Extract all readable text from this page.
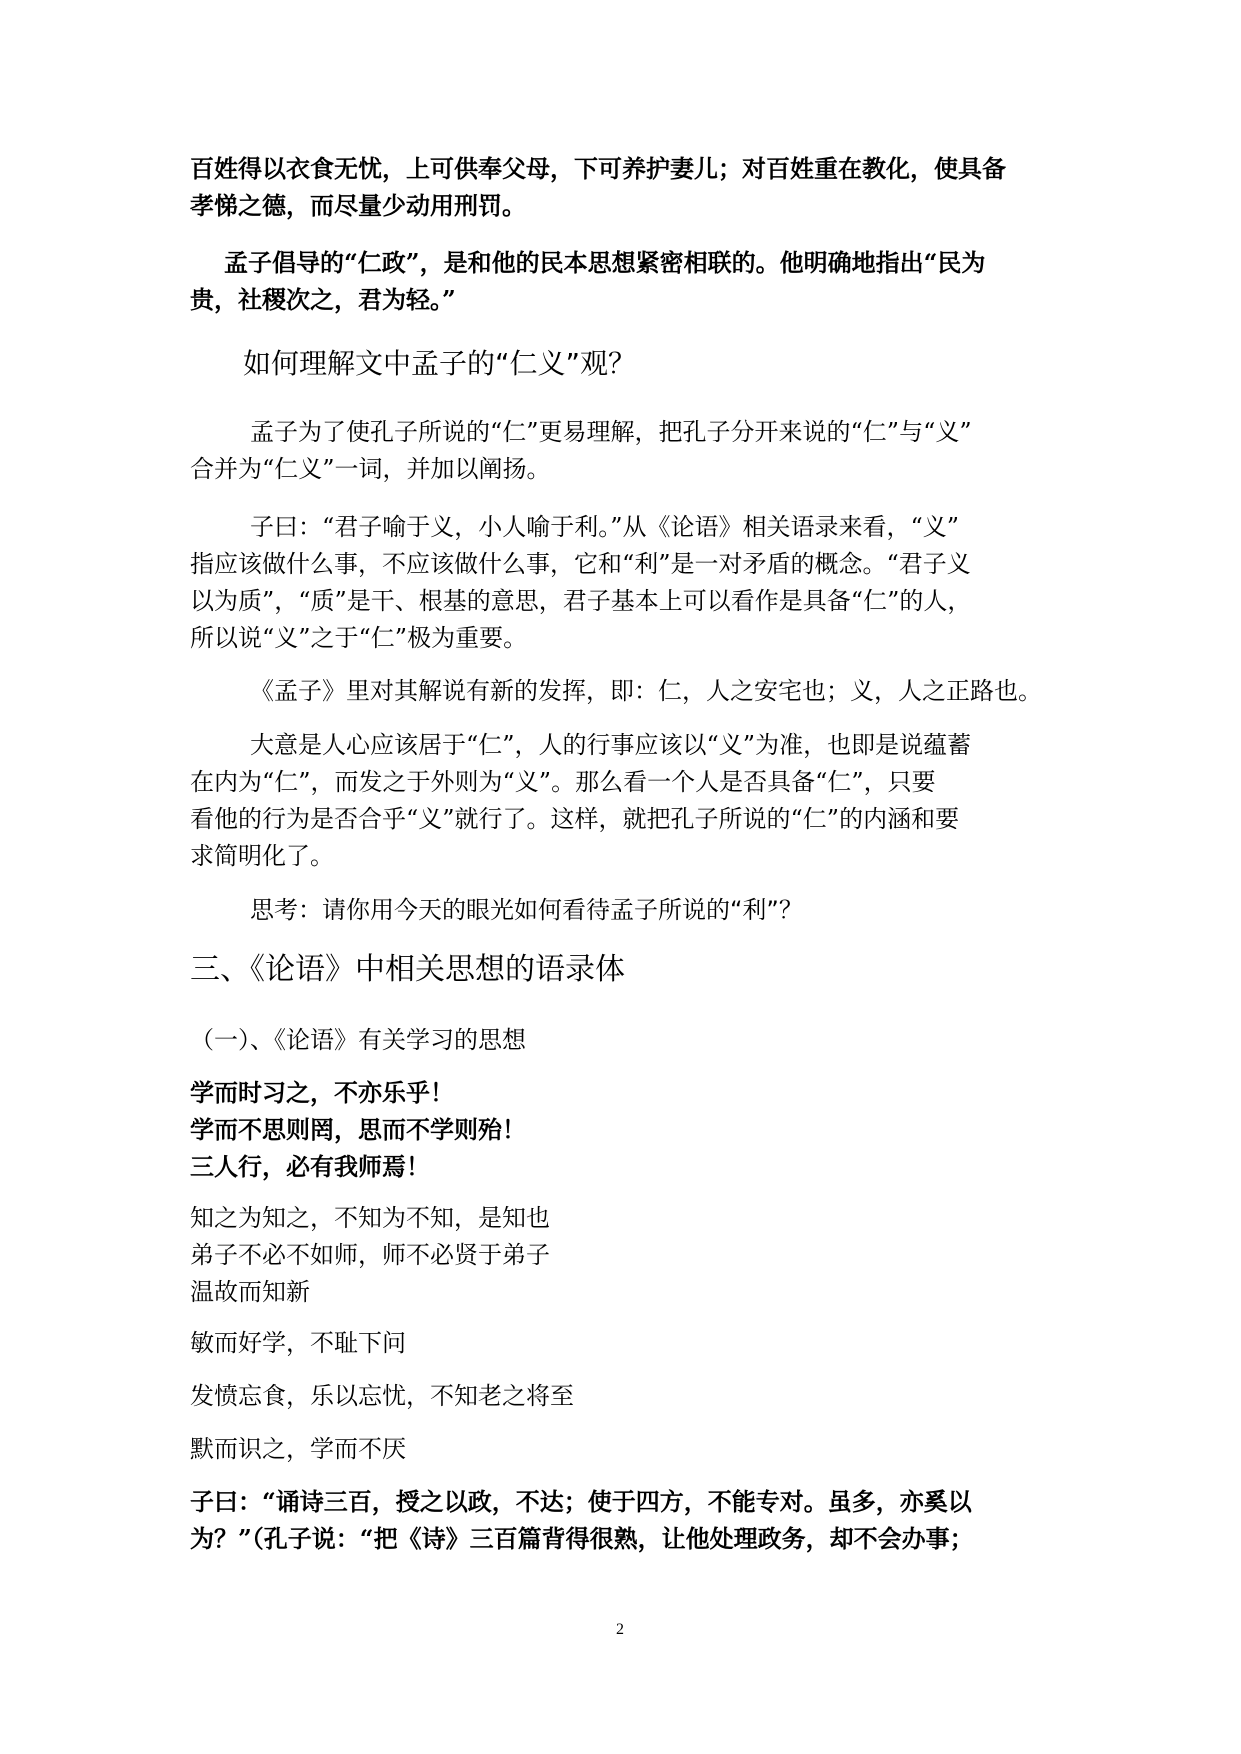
百姓得以衣食无忧，上可供奉父母，下可养护妻儿；对百姓重在教化，使具备
孝悌之德，而尽量少动用刑罚。
孟子倡导的“仁政”，是和他的民本思想紧密相联的。他明确地指出“民为
贵，社稷次之，君为轻。”
如何理解文中孟子的“仁义”观？
孟子为了使孔子所说的“仁”更易理解，把孔子分开来说的“仁”与“义”
合并为“仁义”一词，并加以阐扬。
子曰：“君子喻于义，小人喻于利。”从《论语》相关语录来看，“义”
指应该做什么事，不应该做什么事，它和“利”是一对矛盾的概念。“君子义
以为质”，“质”是干、根基的意思，君子基本上可以看作是具备“仁”的人，
所以说“义”之于“仁”极为重要。
《孟子》里对其解说有新的发挥，即：仁，人之安宅也；义，人之正路也。
大意是人心应该居于“仁”，人的行事应该以“义”为准，也即是说蕴蓄
在内为“仁”，而发之于外则为“义”。那么看一个人是否具备“仁”，只要
看他的行为是否合乎“义”就行了。这样，就把孔子所说的“仁”的内涵和要
求简明化了。
思考：请你用今天的眼光如何看待孟子所说的“利”？
三、《论语》中相关思想的语录体
（一）、《论语》有关学习的思想
学而时习之，不亦乐乎！
学而不思则罔，思而不学则殆！
三人行，必有我师焉！
知之为知之，不知为不知，是知也
弟子不必不如师，师不必贤于弟子
温故而知新
敏而好学，不耻下问
发愤忘食，乐以忘忧，不知老之将至
默而识之，学而不厌
子曰：“诵诗三百，授之以政，不达；使于四方，不能专对。虽多，亦奚以
为？”（孔子说：“把《诗》三百篇背得很熟，让他处理政务，却不会办事；
2
